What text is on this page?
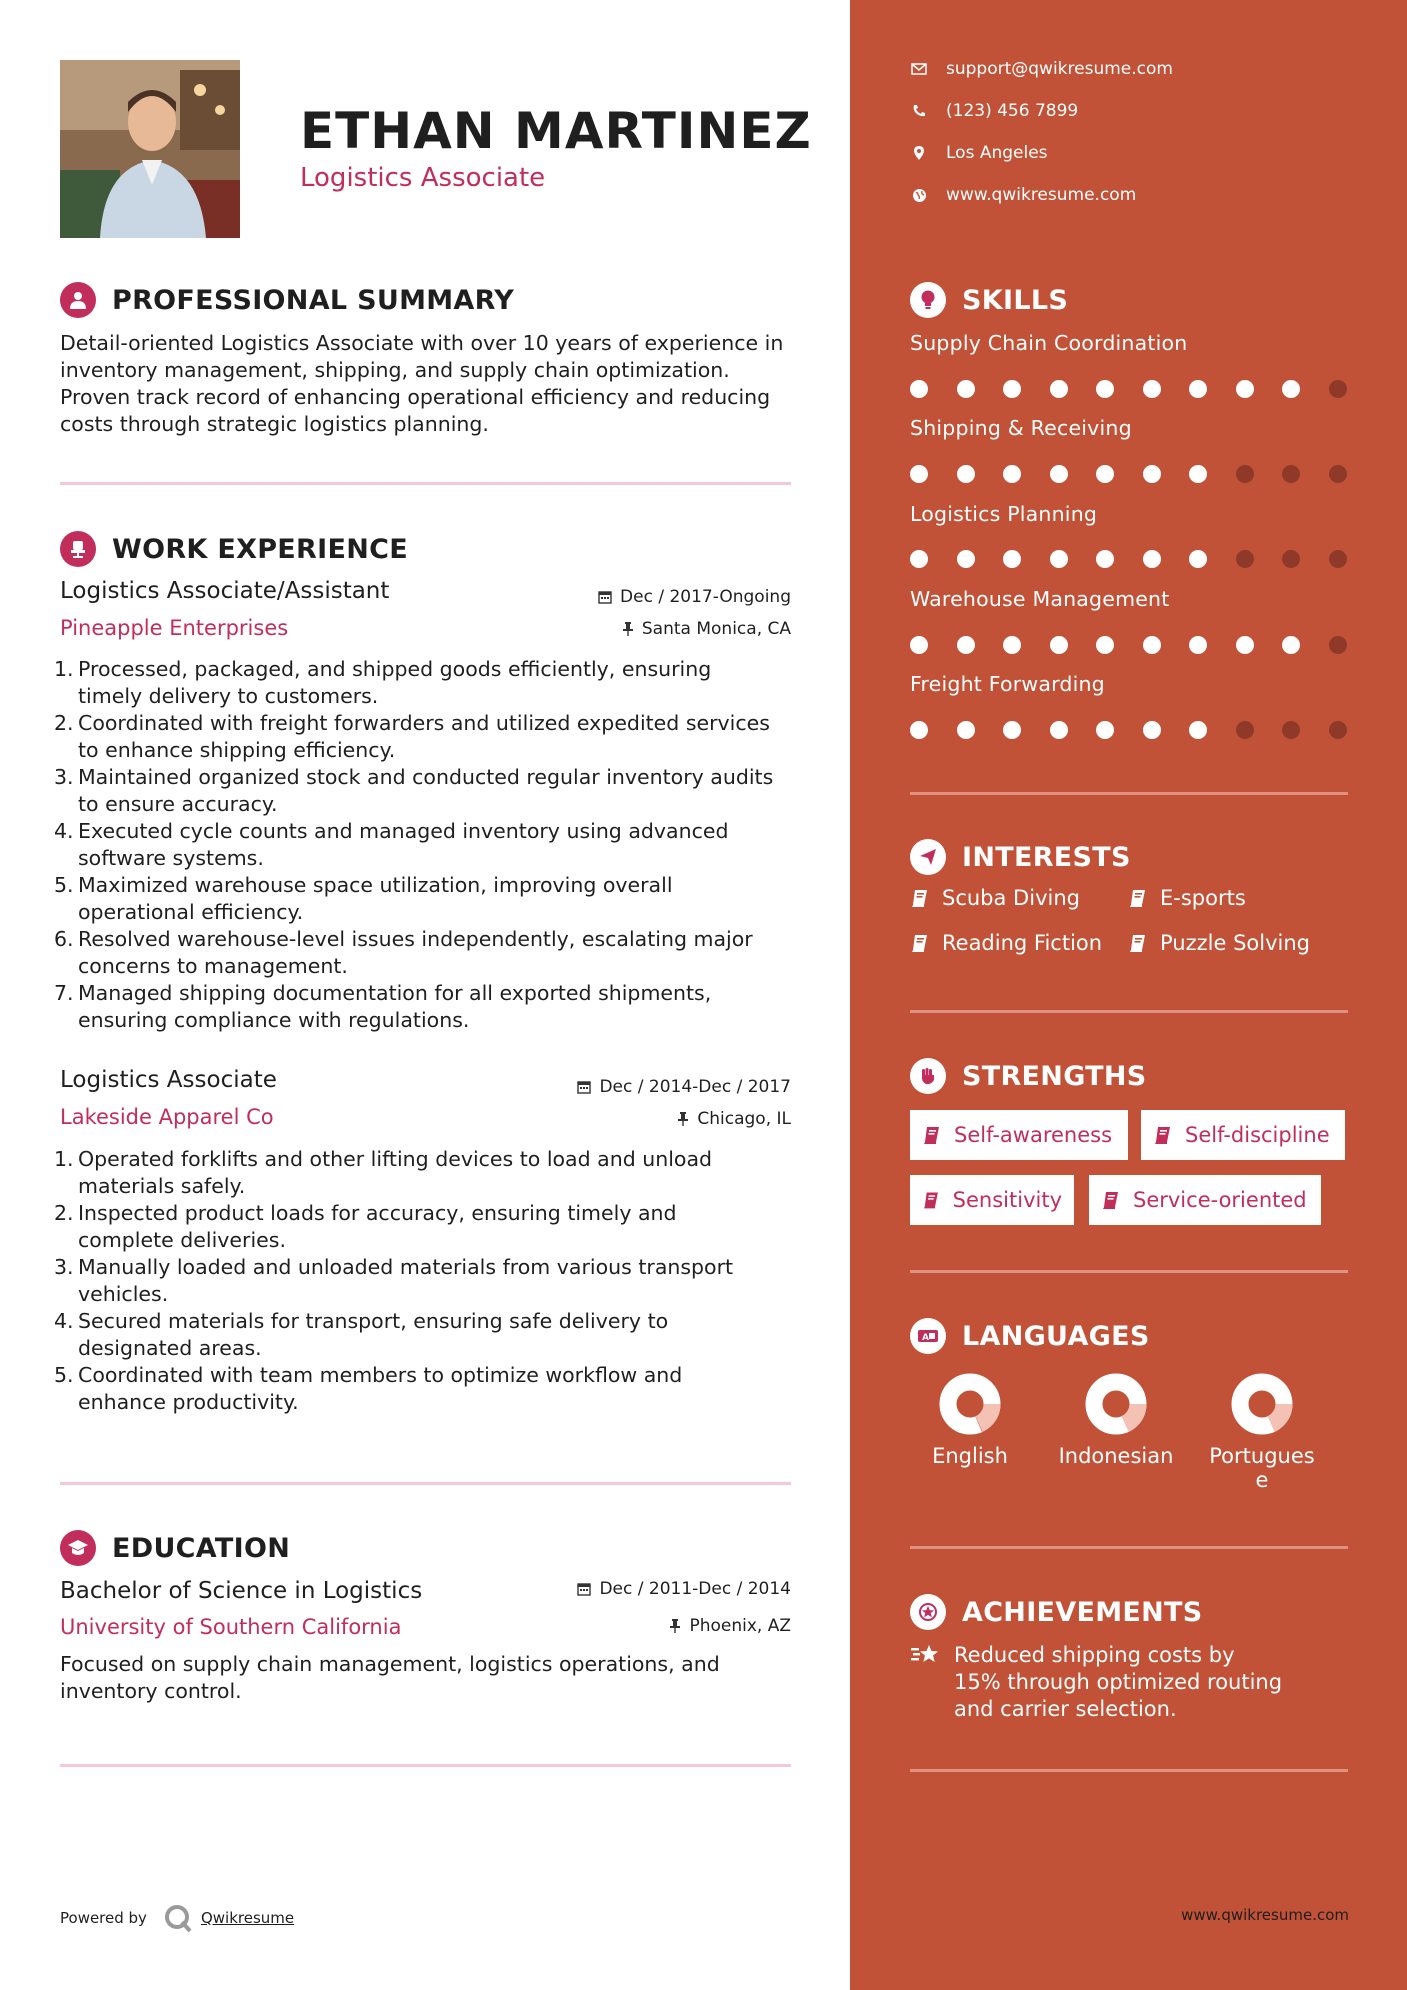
ETHAN MARTINEZ
Logistics Associate
PROFESSIONAL SUMMARY
Detail-oriented Logistics Associate with over 10 years of experience in inventory management, shipping, and supply chain optimization. Proven track record of enhancing operational efficiency and reducing costs through strategic logistics planning.
WORK EXPERIENCE
Logistics Associate/Assistant
Pineapple Enterprises
Dec / 2017-Ongoing
Santa Monica, CA
1. Processed, packaged, and shipped goods efficiently, ensuring
timely delivery to customers.
2. Coordinated with freight forwarders and utilized expedited services
to enhance shipping efficiency.
3. Maintained organized stock and conducted regular inventory audits
to ensure accuracy.
4. Executed cycle counts and managed inventory using advanced
software systems.
5. Maximized warehouse space utilization, improving overall
operational efficiency.
6. Resolved warehouse-level issues independently, escalating major
concerns to management.
7. Managed shipping documentation for all exported shipments,
ensuring compliance with regulations.
Logistics Associate
Lakeside Apparel Co
Dec / 2014-Dec / 2017
Chicago, IL
1. Operated forklifts and other lifting devices to load and unload
materials safely.
2. Inspected product loads for accuracy, ensuring timely and
complete deliveries.
3. Manually loaded and unloaded materials from various transport
vehicles.
4. Secured materials for transport, ensuring safe delivery to
designated areas.
5. Coordinated with team members to optimize workflow and
enhance productivity.
EDUCATION
Bachelor of Science in Logistics
University of Southern California
Dec / 2011-Dec / 2014
Phoenix, AZ
Focused on supply chain management, logistics operations, and inventory control.
Powered by	Qwikresume
support@qwikresume.com
(123) 456 7899
Los Angeles
www.qwikresume.com
SKILLS
Supply Chain Coordination
Shipping & Receiving
Logistics Planning
Warehouse Management
Freight Forwarding
INTERESTS
Scuba Diving	E-sports
Reading Fiction	Puzzle Solving
STRENGTHS
Self-awareness	Self-discipline
Sensitivity	Service-oriented
A LANGUAGES
English	Indonesian	Portugues
e
ACHIEVEMENTS
Reduced shipping costs by 15% through optimized routing and carrier selection.
www.qwikresume.com
